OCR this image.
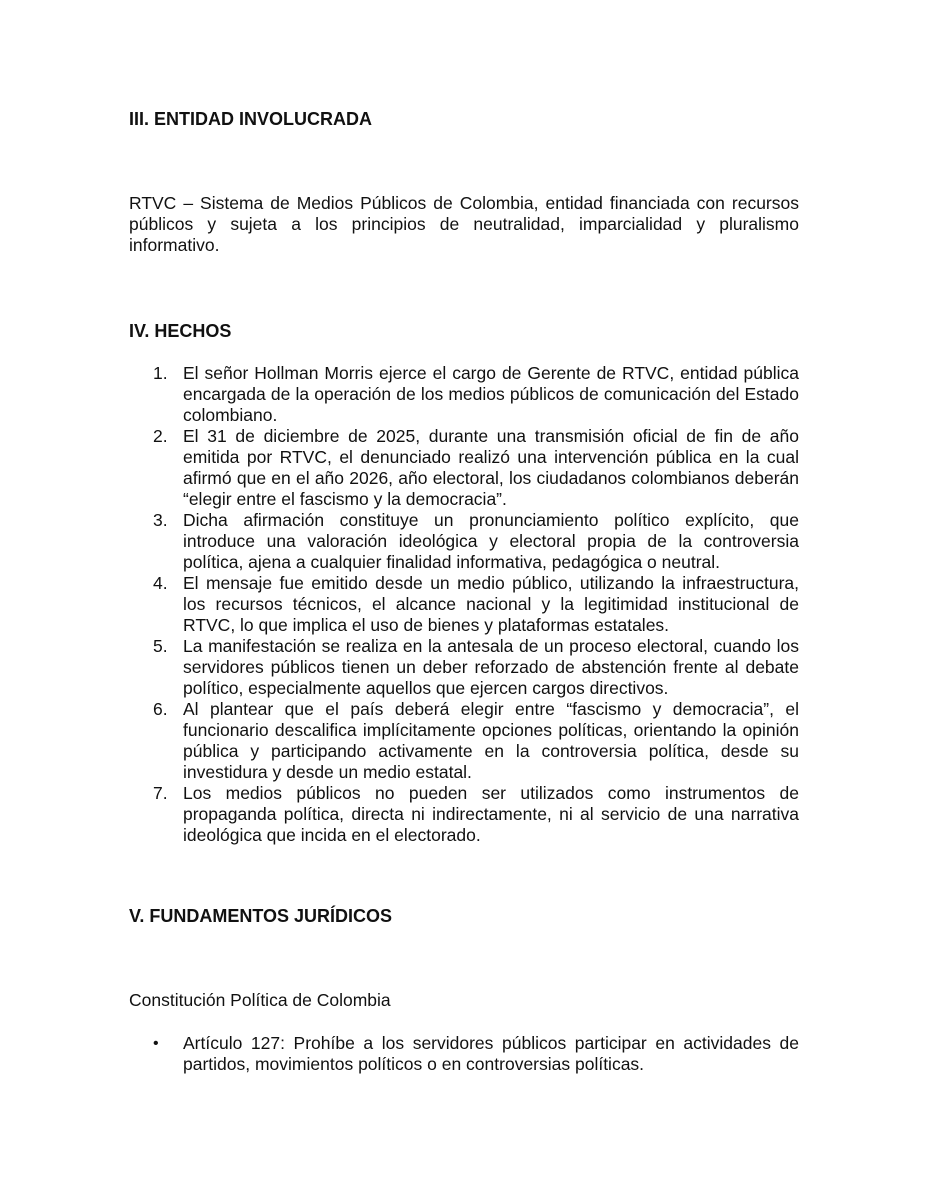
III. ENTIDAD INVOLUCRADA

RTVC – Sistema de Medios Públicos de Colombia, entidad financiada con recursos públicos y sujeta a los principios de neutralidad, imparcialidad y pluralismo informativo.

IV. HECHOS
1. El señor Hollman Morris ejerce el cargo de Gerente de RTVC, entidad pública encargada de la operación de los medios públicos de comunicación del Estado colombiano.
2. El 31 de diciembre de 2025, durante una transmisión oficial de fin de año emitida por RTVC, el denunciado realizó una intervención pública en la cual afirmó que en el año 2026, año electoral, los ciudadanos colombianos deberán “elegir entre el fascismo y la democracia”.
3. Dicha afirmación constituye un pronunciamiento político explícito, que introduce una valoración ideológica y electoral propia de la controversia política, ajena a cualquier finalidad informativa, pedagógica o neutral.
4. El mensaje fue emitido desde un medio público, utilizando la infraestructura, los recursos técnicos, el alcance nacional y la legitimidad institucional de RTVC, lo que implica el uso de bienes y plataformas estatales.
5. La manifestación se realiza en la antesala de un proceso electoral, cuando los servidores públicos tienen un deber reforzado de abstención frente al debate político, especialmente aquellos que ejercen cargos directivos.
6. Al plantear que el país deberá elegir entre “fascismo y democracia”, el funcionario descalifica implícitamente opciones políticas, orientando la opinión pública y participando activamente en la controversia política, desde su investidura y desde un medio estatal.
7. Los medios públicos no pueden ser utilizados como instrumentos de propaganda política, directa ni indirectamente, ni al servicio de una narrativa ideológica que incida en el electorado.
V. FUNDAMENTOS JURÍDICOS

Constitución Política de Colombia

• Artículo 127: Prohíbe a los servidores públicos participar en actividades de partidos, movimientos políticos o en controversias políticas.
